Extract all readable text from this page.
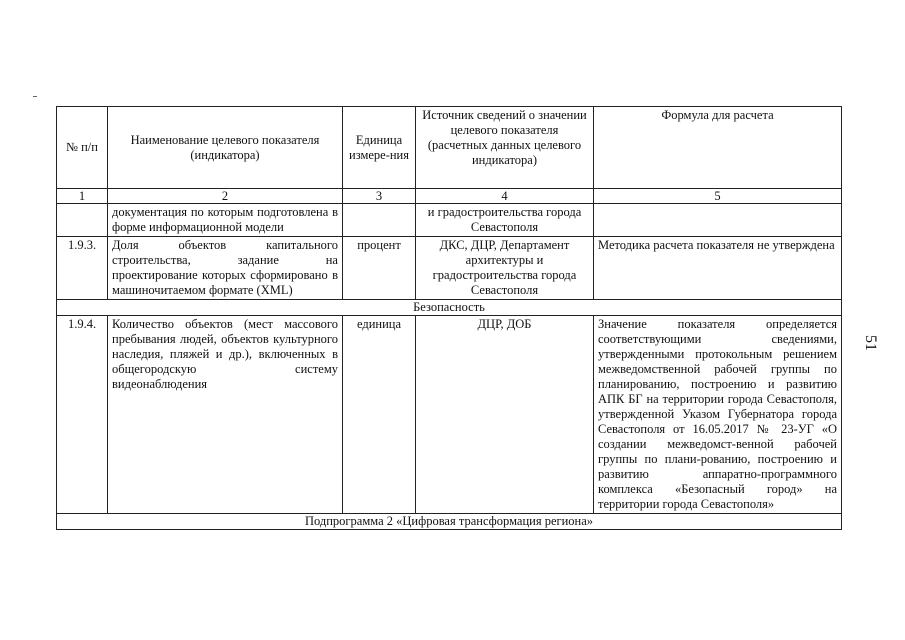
№ п/п	Наименование целевого показателя (индикатора)	Единица измере-ния	Источник сведений о значении целевого показателя (расчетных данных целевого индикатора)	Формула для расчета
1	2	3	4	5
	документация по которым подготовлена в форме информационной модели		и градостроительства города Севастополя	
1.9.3.	Доля объектов капитального строительства, задание на проектирование которых сформировано в машиночитаемом формате (XML)	процент	ДКС, ДЦР, Департамент архитектуры и градостроительства города Севастополя	Методика расчета показателя не утверждена
Безопасность				
1.9.4.	Количество объектов (мест массового пребывания людей, объектов культурного наследия, пляжей и др.), включенных в общегородскую систему видеонаблюдения	единица	ДЦР, ДОБ	Значение показателя определяется соответствующими сведениями, утвержденными протокольным решением межведомственной рабочей группы по планированию, построению и развитию АПК БГ на территории города Севастополя, утвержденной Указом Губернатора города Севастополя от 16.05.2017 № 23-УГ «О создании межведомст-венной рабочей группы по плани-рованию, построению и развитию аппаратно-программного комплекса «Безопасный город» на территории города Севастополя»
Подпрограмма 2 «Цифровая трансформация региона»				
51
